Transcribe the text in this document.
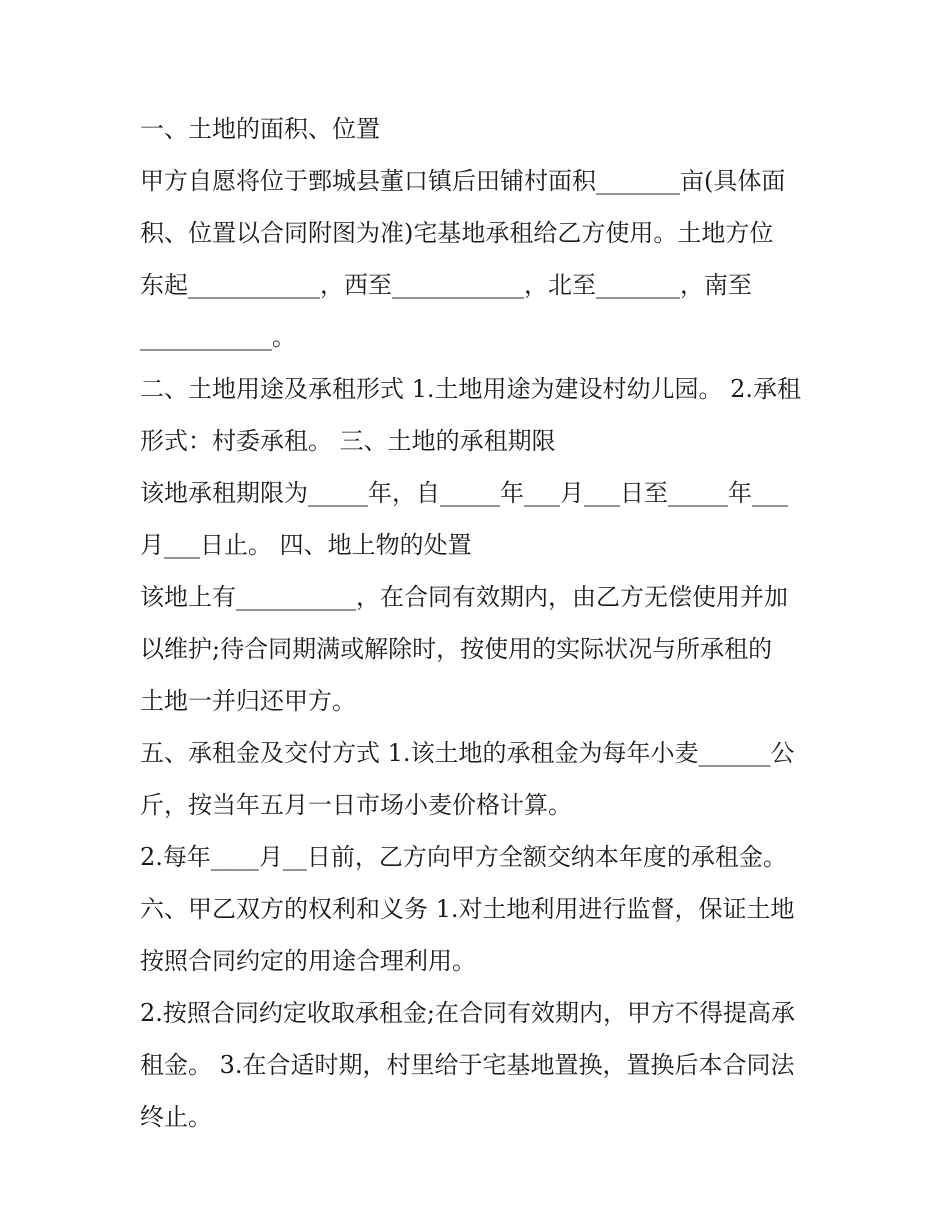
一、土地的面积、位置
甲方自愿将位于鄄城县董口镇后田铺村面积_______亩(具体面
积、位置以合同附图为准)宅基地承租给乙方使用。土地方位
东起___________，西至___________，北至_______，南至
___________。
二、土地用途及承租形式 1.土地用途为建设村幼儿园。 2.承租
形式：村委承租。 三、土地的承租期限
该地承租期限为_____年，自_____年___月___日至_____年___
月___日止。 四、地上物的处置
该地上有__________，在合同有效期内，由乙方无偿使用并加
以维护;待合同期满或解除时，按使用的实际状况与所承租的
土地一并归还甲方。
五、承租金及交付方式 1.该土地的承租金为每年小麦______公
斤，按当年五月一日市场小麦价格计算。
2.每年____月__日前，乙方向甲方全额交纳本年度的承租金。
六、甲乙双方的权利和义务 1.对土地利用进行监督，保证土地
按照合同约定的用途合理利用。
2.按照合同约定收取承租金;在合同有效期内，甲方不得提高承
租金。 3.在合适时期，村里给于宅基地置换，置换后本合同法
终止。
